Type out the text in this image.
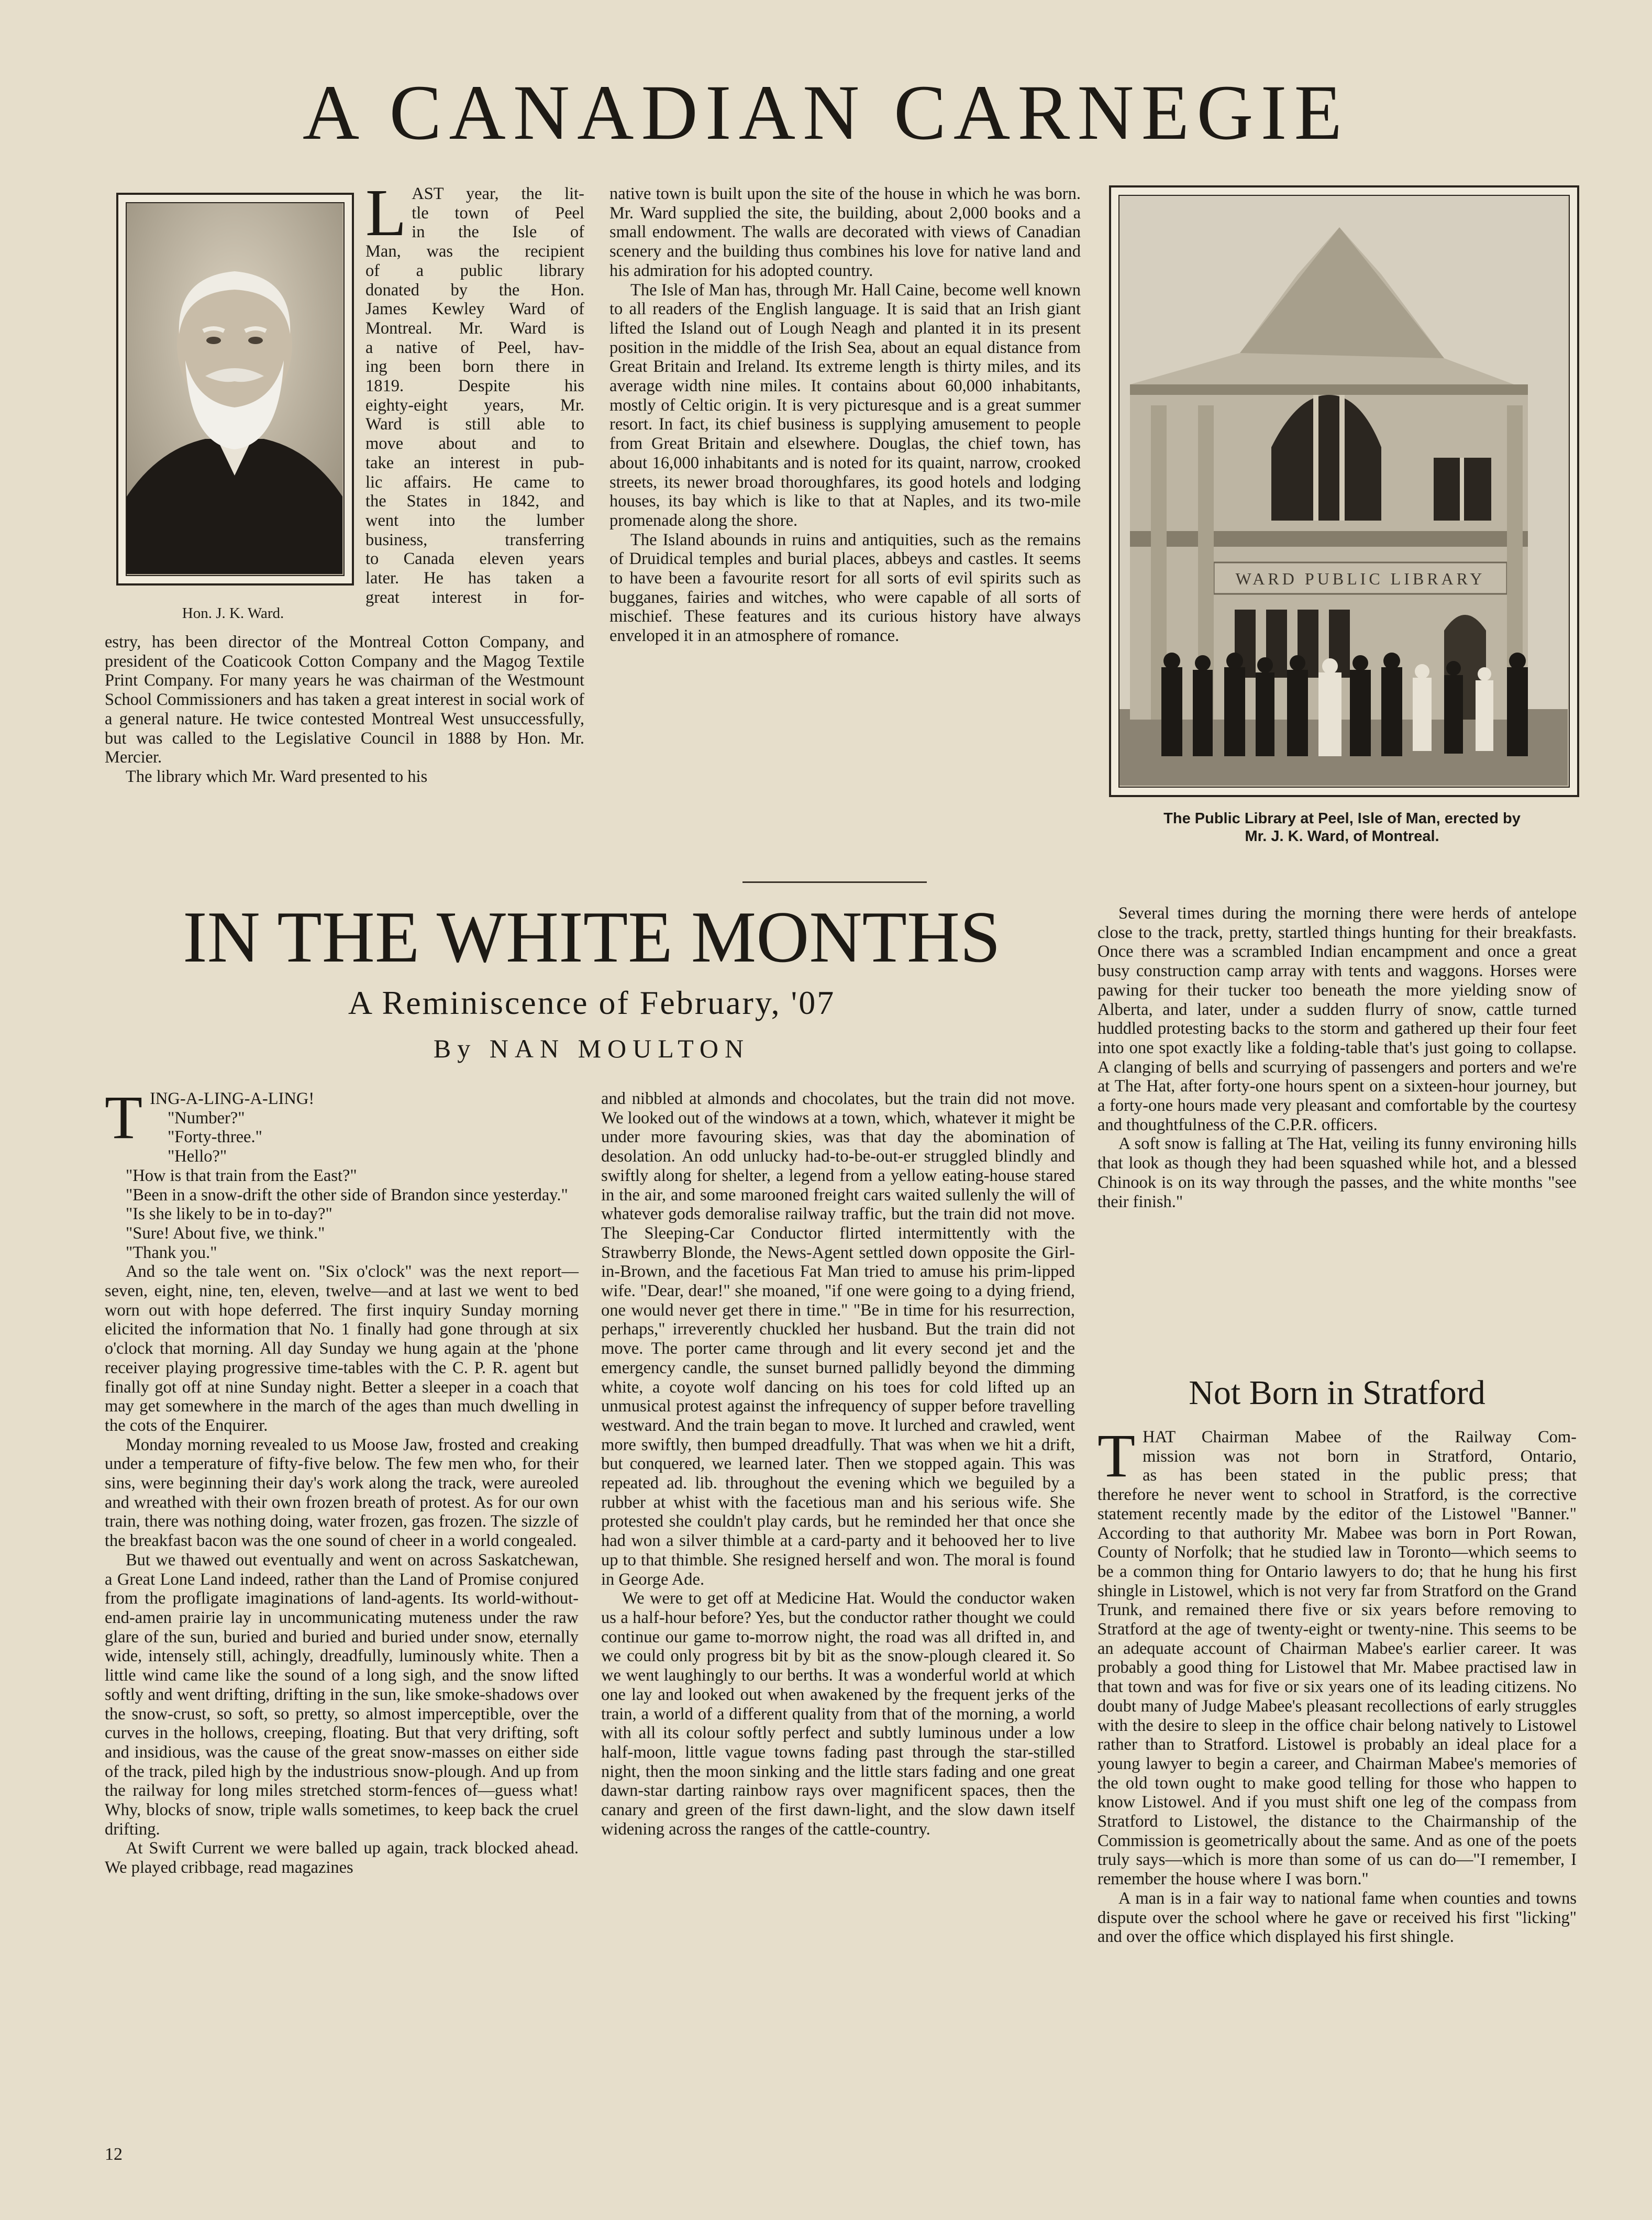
A CANADIAN CARNEGIE
Hon. J. K. Ward.
L AST year, the lit-
tle town of Peel
in the Isle of
Man, was the recipient
of a public library
donated by the Hon.
James Kewley Ward of
Montreal. Mr. Ward is
a native of Peel, hav-
ing been born there in
1819. Despite his
eighty-eight years, Mr.
Ward is still able to
move about and to
take an interest in pub-
lic affairs. He came to
the States in 1842, and
went into the lumber
business, transferring
to Canada eleven years
later. He has taken a
great interest in for-

estry, has been director of the Montreal Cotton Company, and president of the Coaticook Cotton Company and the Magog Textile Print Company. For many years he was chairman of the Westmount School Commissioners and has taken a great interest in social work of a general nature. He twice contested Montreal West unsuccessfully, but was called to the Legislative Council in 1888 by Hon. Mr. Mercier.

The library which Mr. Ward presented to his

native town is built upon the site of the house in which he was born. Mr. Ward supplied the site, the building, about 2,000 books and a small endowment. The walls are decorated with views of Canadian scenery and the building thus combines his love for native land and his admiration for his adopted country.

The Isle of Man has, through Mr. Hall Caine, become well known to all readers of the English language. It is said that an Irish giant lifted the Island out of Lough Neagh and planted it in its present position in the middle of the Irish Sea, about an equal distance from Great Britain and Ireland. Its extreme length is thirty miles, and its average width nine miles. It contains about 60,000 inhabitants, mostly of Celtic origin. It is very picturesque and is a great summer resort. In fact, its chief business is supplying amusement to people from Great Britain and elsewhere. Douglas, the chief town, has about 16,000 inhabitants and is noted for its quaint, narrow, crooked streets, its newer broad thoroughfares, its good hotels and lodging houses, its bay which is like to that at Naples, and its two-mile promenade along the shore.

The Island abounds in ruins and antiquities, such as the remains of Druidical temples and burial places, abbeys and castles. It seems to have been a favourite resort for all sorts of evil spirits such as bugganes, fairies and witches, who were capable of all sorts of mischief. These features and its curious history have always enveloped it in an atmosphere of romance.

WARD PUBLIC LIBRARY
The Public Library at Peel, Isle of Man, erected by
Mr. J. K. Ward, of Montreal.
IN THE WHITE MONTHS
A Reminiscence of February, '07
By NAN MOULTON
T ING-A-LING-A-LING!
"Number?"
"Forty-three."
"Hello?"

"How is that train from the East?"

"Been in a snow-drift the other side of Brandon since yesterday."

"Is she likely to be in to-day?"

"Sure! About five, we think."

"Thank you."

And so the tale went on. "Six o'clock" was the next report—seven, eight, nine, ten, eleven, twelve—and at last we went to bed worn out with hope deferred. The first inquiry Sunday morning elicited the information that No. 1 finally had gone through at six o'clock that morning. All day Sunday we hung again at the 'phone receiver playing progressive time-tables with the C. P. R. agent but finally got off at nine Sunday night. Better a sleeper in a coach that may get somewhere in the march of the ages than much dwelling in the cots of the Enquirer.

Monday morning revealed to us Moose Jaw, frosted and creaking under a temperature of fifty-five below. The few men who, for their sins, were beginning their day's work along the track, were aureoled and wreathed with their own frozen breath of protest. As for our own train, there was nothing doing, water frozen, gas frozen. The sizzle of the breakfast bacon was the one sound of cheer in a world congealed.

But we thawed out eventually and went on across Saskatchewan, a Great Lone Land indeed, rather than the Land of Promise conjured from the profligate imaginations of land-agents. Its world-without-end-amen prairie lay in uncommunicating muteness under the raw glare of the sun, buried and buried and buried under snow, eternally wide, intensely still, achingly, dreadfully, luminously white. Then a little wind came like the sound of a long sigh, and the snow lifted softly and went drifting, drifting in the sun, like smoke-shadows over the snow-crust, so soft, so pretty, so almost imperceptible, over the curves in the hollows, creeping, floating. But that very drifting, soft and insidious, was the cause of the great snow-masses on either side of the track, piled high by the industrious snow-plough. And up from the railway for long miles stretched storm-fences of—guess what! Why, blocks of snow, triple walls sometimes, to keep back the cruel drifting.

At Swift Current we were balled up again, track blocked ahead. We played cribbage, read magazines

and nibbled at almonds and chocolates, but the train did not move. We looked out of the windows at a town, which, whatever it might be under more favouring skies, was that day the abomination of desolation. An odd unlucky had-to-be-out-er struggled blindly and swiftly along for shelter, a legend from a yellow eating-house stared in the air, and some marooned freight cars waited sullenly the will of whatever gods demoralise railway traffic, but the train did not move. The Sleeping-Car Conductor flirted intermittently with the Strawberry Blonde, the News-Agent settled down opposite the Girl-in-Brown, and the facetious Fat Man tried to amuse his prim-lipped wife. "Dear, dear!" she moaned, "if one were going to a dying friend, one would never get there in time." "Be in time for his resurrection, perhaps," irreverently chuckled her husband. But the train did not move. The porter came through and lit every second jet and the emergency candle, the sunset burned pallidly beyond the dimming white, a coyote wolf dancing on his toes for cold lifted up an unmusical protest against the infrequency of supper before travelling westward. And the train began to move. It lurched and crawled, went more swiftly, then bumped dreadfully. That was when we hit a drift, but conquered, we learned later. Then we stopped again. This was repeated ad. lib. throughout the evening which we beguiled by a rubber at whist with the facetious man and his serious wife. She protested she couldn't play cards, but he reminded her that once she had won a silver thimble at a card-party and it behooved her to live up to that thimble. She resigned herself and won. The moral is found in George Ade.

We were to get off at Medicine Hat. Would the conductor waken us a half-hour before? Yes, but the conductor rather thought we could continue our game to-morrow night, the road was all drifted in, and we could only progress bit by bit as the snow-plough cleared it. So we went laughingly to our berths. It was a wonderful world at which one lay and looked out when awakened by the frequent jerks of the train, a world of a different quality from that of the morning, a world with all its colour softly perfect and subtly luminous under a low half-moon, little vague towns fading past through the star-stilled night, then the moon sinking and the little stars fading and one great dawn-star darting rainbow rays over magnificent spaces, then the canary and green of the first dawn-light, and the slow dawn itself widening across the ranges of the cattle-country.

Several times during the morning there were herds of antelope close to the track, pretty, startled things hunting for their breakfasts. Once there was a scrambled Indian encampment and once a great busy construction camp array with tents and waggons. Horses were pawing for their tucker too beneath the more yielding snow of Alberta, and later, under a sudden flurry of snow, cattle turned huddled protesting backs to the storm and gathered up their four feet into one spot exactly like a folding-table that's just going to collapse. A clanging of bells and scurrying of passengers and porters and we're at The Hat, after forty-one hours spent on a sixteen-hour journey, but a forty-one hours made very pleasant and comfortable by the courtesy and thoughtfulness of the C.P.R. officers.

A soft snow is falling at The Hat, veiling its funny environing hills that look as though they had been squashed while hot, and a blessed Chinook is on its way through the passes, and the white months "see their finish."

Not Born in Stratford
T HAT Chairman Mabee of the Railway Com-
mission was not born in Stratford, Ontario,
as has been stated in the public press; that

therefore he never went to school in Stratford, is the corrective statement recently made by the editor of the Listowel "Banner." According to that authority Mr. Mabee was born in Port Rowan, County of Norfolk; that he studied law in Toronto—which seems to be a common thing for Ontario lawyers to do; that he hung his first shingle in Listowel, which is not very far from Stratford on the Grand Trunk, and remained there five or six years before removing to Stratford at the age of twenty-eight or twenty-nine. This seems to be an adequate account of Chairman Mabee's earlier career. It was probably a good thing for Listowel that Mr. Mabee practised law in that town and was for five or six years one of its leading citizens. No doubt many of Judge Mabee's pleasant recollections of early struggles with the desire to sleep in the office chair belong natively to Listowel rather than to Stratford. Listowel is probably an ideal place for a young lawyer to begin a career, and Chairman Mabee's memories of the old town ought to make good telling for those who happen to know Listowel. And if you must shift one leg of the compass from Stratford to Listowel, the distance to the Chairmanship of the Commission is geometrically about the same. And as one of the poets truly says—which is more than some of us can do—"I remember, I remember the house where I was born."

A man is in a fair way to national fame when counties and towns dispute over the school where he gave or received his first "licking" and over the office which displayed his first shingle.

12
